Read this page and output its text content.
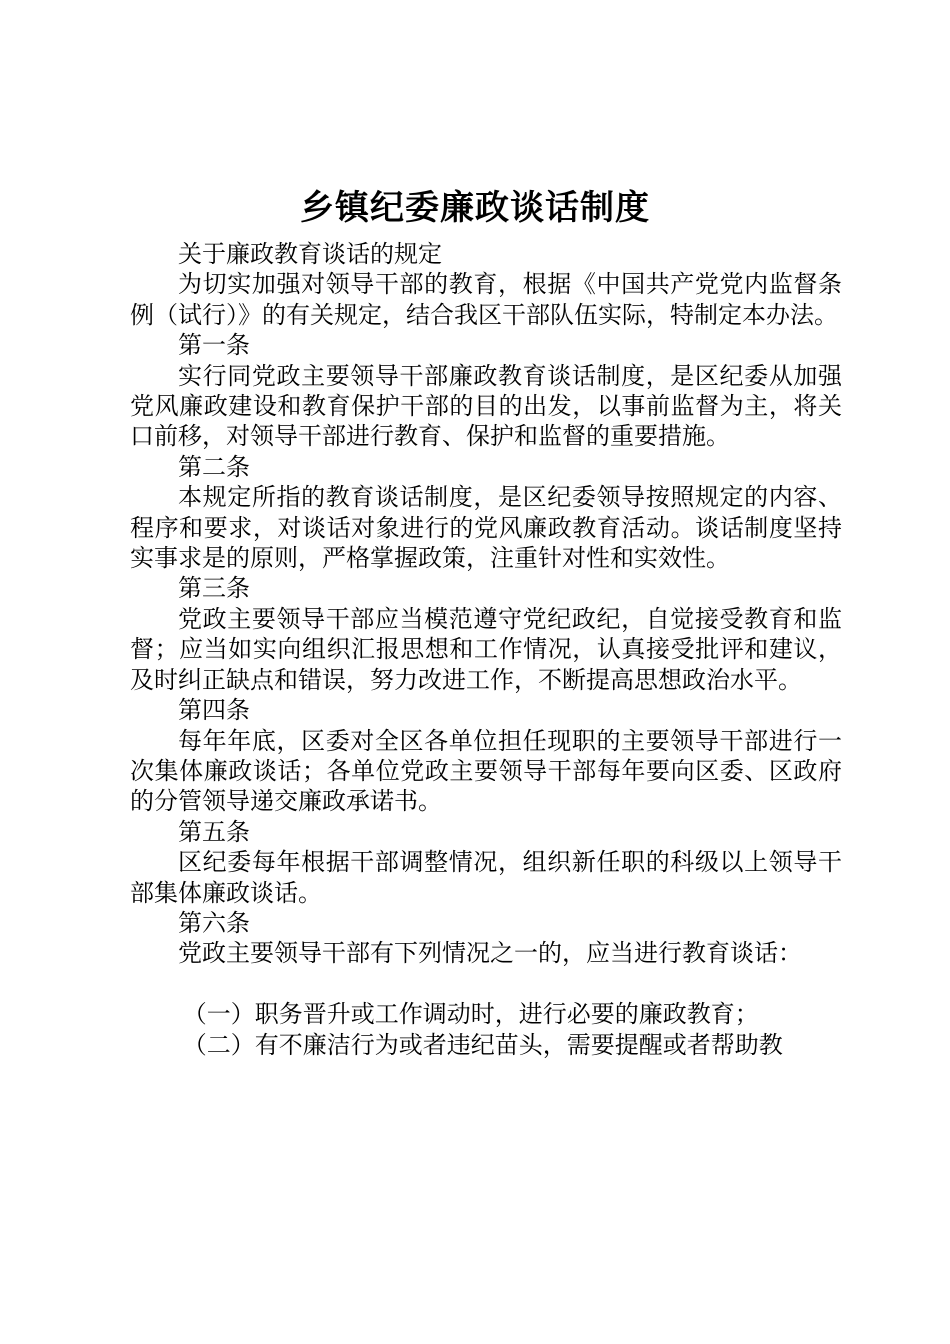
乡镇纪委廉政谈话制度

关于廉政教育谈话的规定

为切实加强对领导干部的教育，根据《中国共产党党内监督条例（试行）》的有关规定，结合我区干部队伍实际，特制定本办法。

第一条

实行同党政主要领导干部廉政教育谈话制度，是区纪委从加强党风廉政建设和教育保护干部的目的出发，以事前监督为主，将关口前移，对领导干部进行教育、保护和监督的重要措施。

第二条

本规定所指的教育谈话制度，是区纪委领导按照规定的内容、程序和要求，对谈话对象进行的党风廉政教育活动。谈话制度坚持实事求是的原则，严格掌握政策，注重针对性和实效性。

第三条

党政主要领导干部应当模范遵守党纪政纪，自觉接受教育和监督；应当如实向组织汇报思想和工作情况，认真接受批评和建议，及时纠正缺点和错误，努力改进工作，不断提高思想政治水平。

第四条

每年年底，区委对全区各单位担任现职的主要领导干部进行一次集体廉政谈话；各单位党政主要领导干部每年要向区委、区政府的分管领导递交廉政承诺书。

第五条

区纪委每年根据干部调整情况，组织新任职的科级以上领导干部集体廉政谈话。

第六条

党政主要领导干部有下列情况之一的，应当进行教育谈话：

（一）职务晋升或工作调动时，进行必要的廉政教育；

（二）有不廉洁行为或者违纪苗头，需要提醒或者帮助教
